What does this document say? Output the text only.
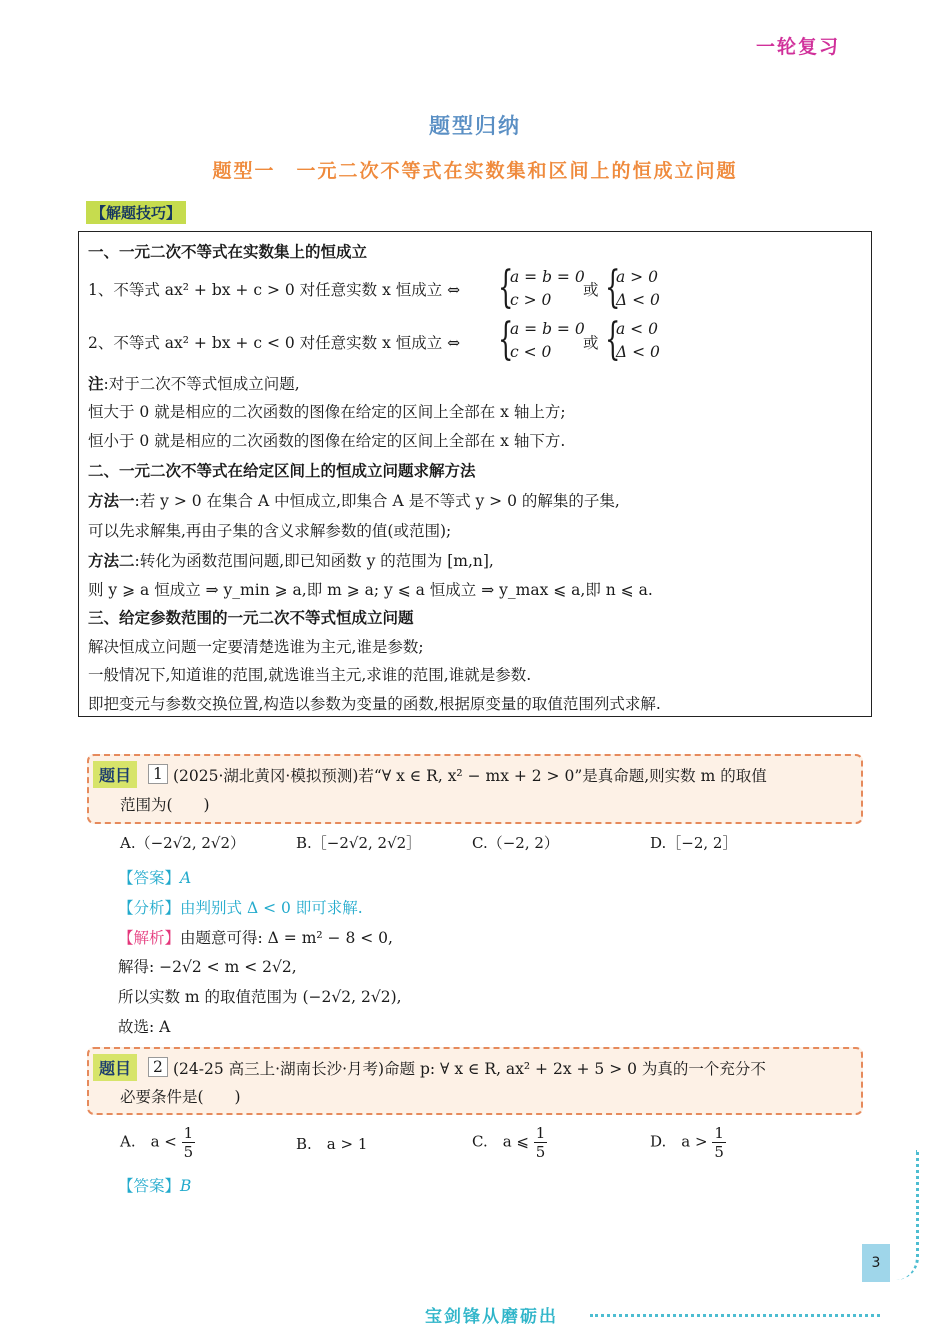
一轮复习
题型归纳
题型一　一元二次不等式在实数集和区间上的恒成立问题
【解题技巧】
一、一元二次不等式在实数集上的恒成立
1、不等式 ax² + bx + c > 0 对任意实数 x 恒成立 ⇔ {
a = b = 0
c > 0
或 {
a > 0
Δ < 0
2、不等式 ax² + bx + c < 0 对任意实数 x 恒成立 ⇔ {
a = b = 0
c < 0	或 {
a < 0
Δ < 0
注:对于二次不等式恒成立问题,
恒大于 0 就是相应的二次函数的图像在给定的区间上全部在 x 轴上方;
恒小于 0 就是相应的二次函数的图像在给定的区间上全部在 x 轴下方.
二、一元二次不等式在给定区间上的恒成立问题求解方法
方法一:若 y > 0 在集合 A 中恒成立,即集合 A 是不等式 y > 0 的解集的子集,
可以先求解集,再由子集的含义求解参数的值(或范围);
方法二:转化为函数范围问题,即已知函数 y 的范围为 [m,n],
则 y ⩾ a 恒成立 ⇒ y_min ⩾ a,即 m ⩾ a; y ⩽ a 恒成立 ⇒ y_max ⩽ a,即 n ⩽ a.
三、给定参数范围的一元二次不等式恒成立问题
解决恒成立问题一定要清楚选谁为主元,谁是参数;
一般情况下,知道谁的范围,就选谁当主元,求谁的范围,谁就是参数.
即把变元与参数交换位置,构造以参数为变量的函数,根据原变量的取值范围列式求解.
题目	1 (2025·湖北黄冈·模拟预测)若“∀ x ∈ R, x² − mx + 2 > 0”是真命题,则实数 m 的取值
范围为(　　)
A.（−2√2, 2√2）	B.［−2√2, 2√2］	C.（−2, 2）	D.［−2, 2］
【答案】A
【分析】由判别式 Δ < 0 即可求解.
【解析】由题意可得: Δ = m² − 8 < 0,
解得: −2√2 < m < 2√2,
所以实数 m 的取值范围为 (−2√2, 2√2),
故选: A
题目	2 (24-25 高三上·湖南长沙·月考)命题 p: ∀ x ∈ R, ax² + 2x + 5 > 0 为真的一个充分不
必要条件是(　　)
A.　$a < \frac{1}{5}$	B.　a > 1	C.　a ⩽ $\frac{1}{5}$	D.　$a > \frac{1}{5}$
【答案】B
3
宝剑锋从磨砺出
